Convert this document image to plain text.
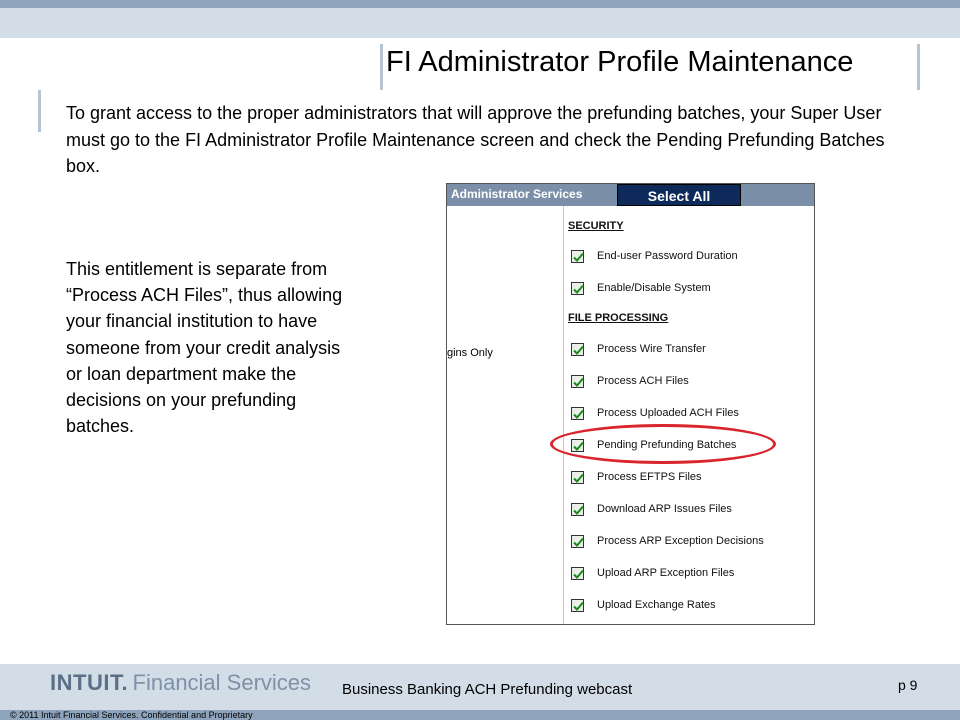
FI Administrator Profile Maintenance
To grant access to the proper administrators that will approve the prefunding batches, your Super User must go to the FI Administrator Profile Maintenance screen and check the Pending Prefunding Batches box.
This entitlement is separate from “Process ACH Files”, thus allowing your financial institution to have someone from your credit analysis or loan department make the decisions on your prefunding batches.
Administrator Services	Select All
gins Only
SECURITY
End-user Password Duration
Enable/Disable System
FILE PROCESSING
Process Wire Transfer
Process ACH Files
Process Uploaded ACH Files
Pending Prefunding Batches
Process EFTPS Files
Download ARP Issues Files
Process ARP Exception Decisions
Upload ARP Exception Files
Upload Exchange Rates
INTUIT. Financial Services Business Banking ACH Prefunding webcast	p 9
© 2011 Intuit Financial Services. Confidential and Proprietary
